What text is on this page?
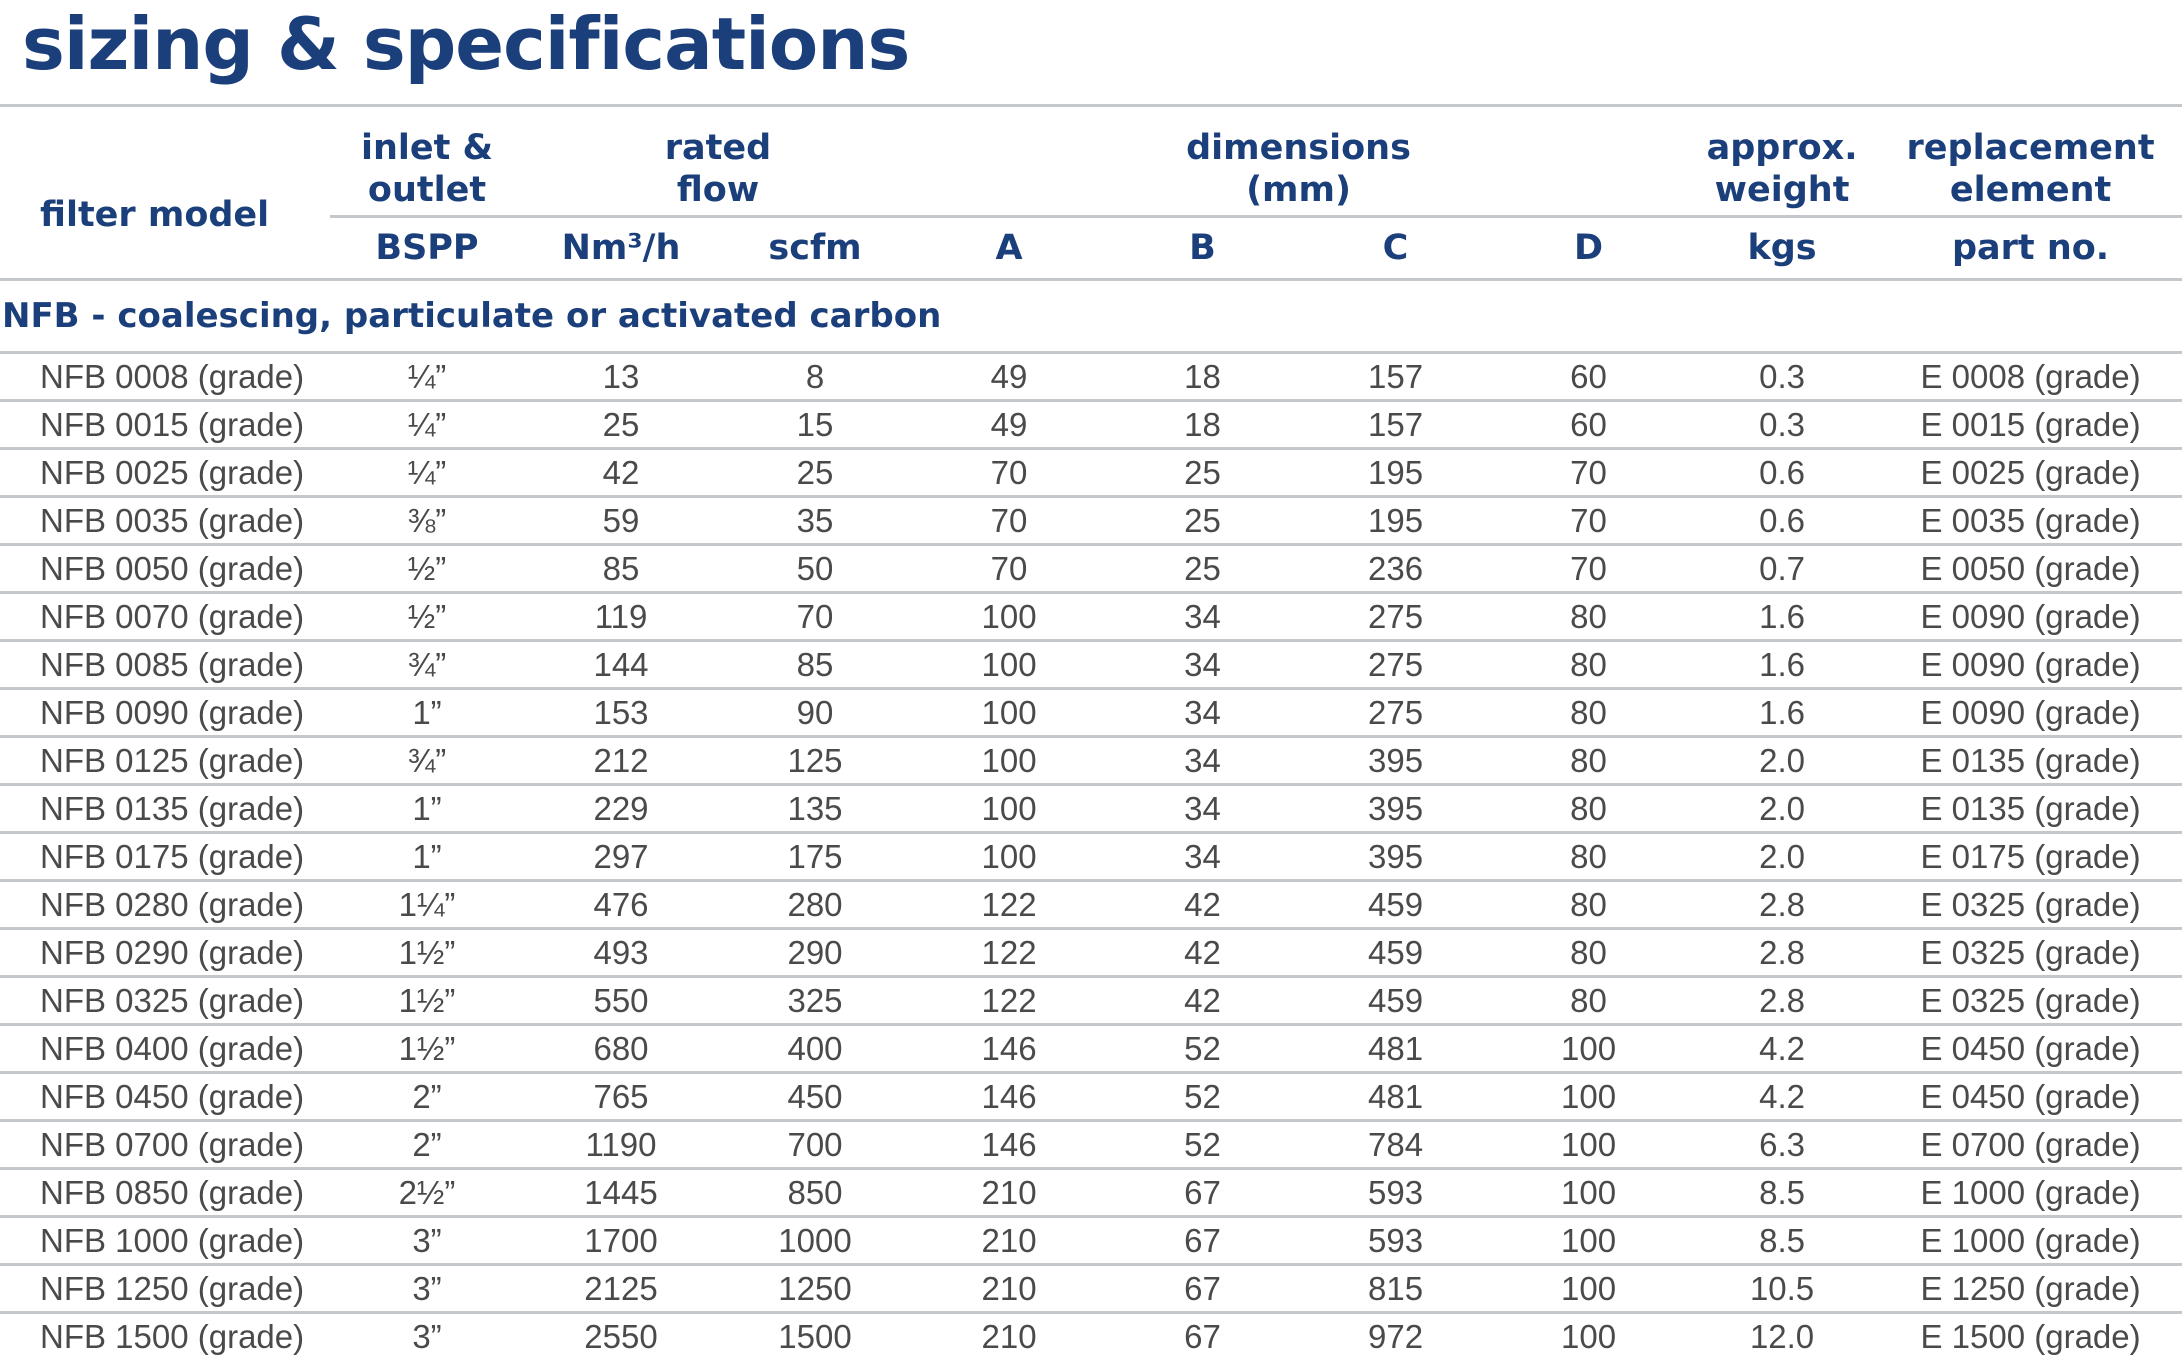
sizing & specifications
filter model	inlet & outlet	rated flow		dimensions (mm)				approx. weight	replacement element
	BSPP	Nm³/h	scfm	A	B	C	D	kgs	part no.
NFB - coalescing, particulate or activated carbon									
NFB 0008 (grade)	¼”	13	8	49	18	157	60	0.3	E 0008 (grade)
NFB 0015 (grade)	¼”	25	15	49	18	157	60	0.3	E 0015 (grade)
NFB 0025 (grade)	¼”	42	25	70	25	195	70	0.6	E 0025 (grade)
NFB 0035 (grade)	⅜”	59	35	70	25	195	70	0.6	E 0035 (grade)
NFB 0050 (grade)	½”	85	50	70	25	236	70	0.7	E 0050 (grade)
NFB 0070 (grade)	½”	119	70	100	34	275	80	1.6	E 0090 (grade)
NFB 0085 (grade)	¾”	144	85	100	34	275	80	1.6	E 0090 (grade)
NFB 0090 (grade)	1”	153	90	100	34	275	80	1.6	E 0090 (grade)
NFB 0125 (grade)	¾”	212	125	100	34	395	80	2.0	E 0135 (grade)
NFB 0135 (grade)	1”	229	135	100	34	395	80	2.0	E 0135 (grade)
NFB 0175 (grade)	1”	297	175	100	34	395	80	2.0	E 0175 (grade)
NFB 0280 (grade)	1¼”	476	280	122	42	459	80	2.8	E 0325 (grade)
NFB 0290 (grade)	1½”	493	290	122	42	459	80	2.8	E 0325 (grade)
NFB 0325 (grade)	1½”	550	325	122	42	459	80	2.8	E 0325 (grade)
NFB 0400 (grade)	1½”	680	400	146	52	481	100	4.2	E 0450 (grade)
NFB 0450 (grade)	2”	765	450	146	52	481	100	4.2	E 0450 (grade)
NFB 0700 (grade)	2”	1190	700	146	52	784	100	6.3	E 0700 (grade)
NFB 0850 (grade)	2½”	1445	850	210	67	593	100	8.5	E 1000 (grade)
NFB 1000 (grade)	3”	1700	1000	210	67	593	100	8.5	E 1000 (grade)
NFB 1250 (grade)	3”	2125	1250	210	67	815	100	10.5	E 1250 (grade)
NFB 1500 (grade)	3”	2550	1500	210	67	972	100	12.0	E 1500 (grade)
